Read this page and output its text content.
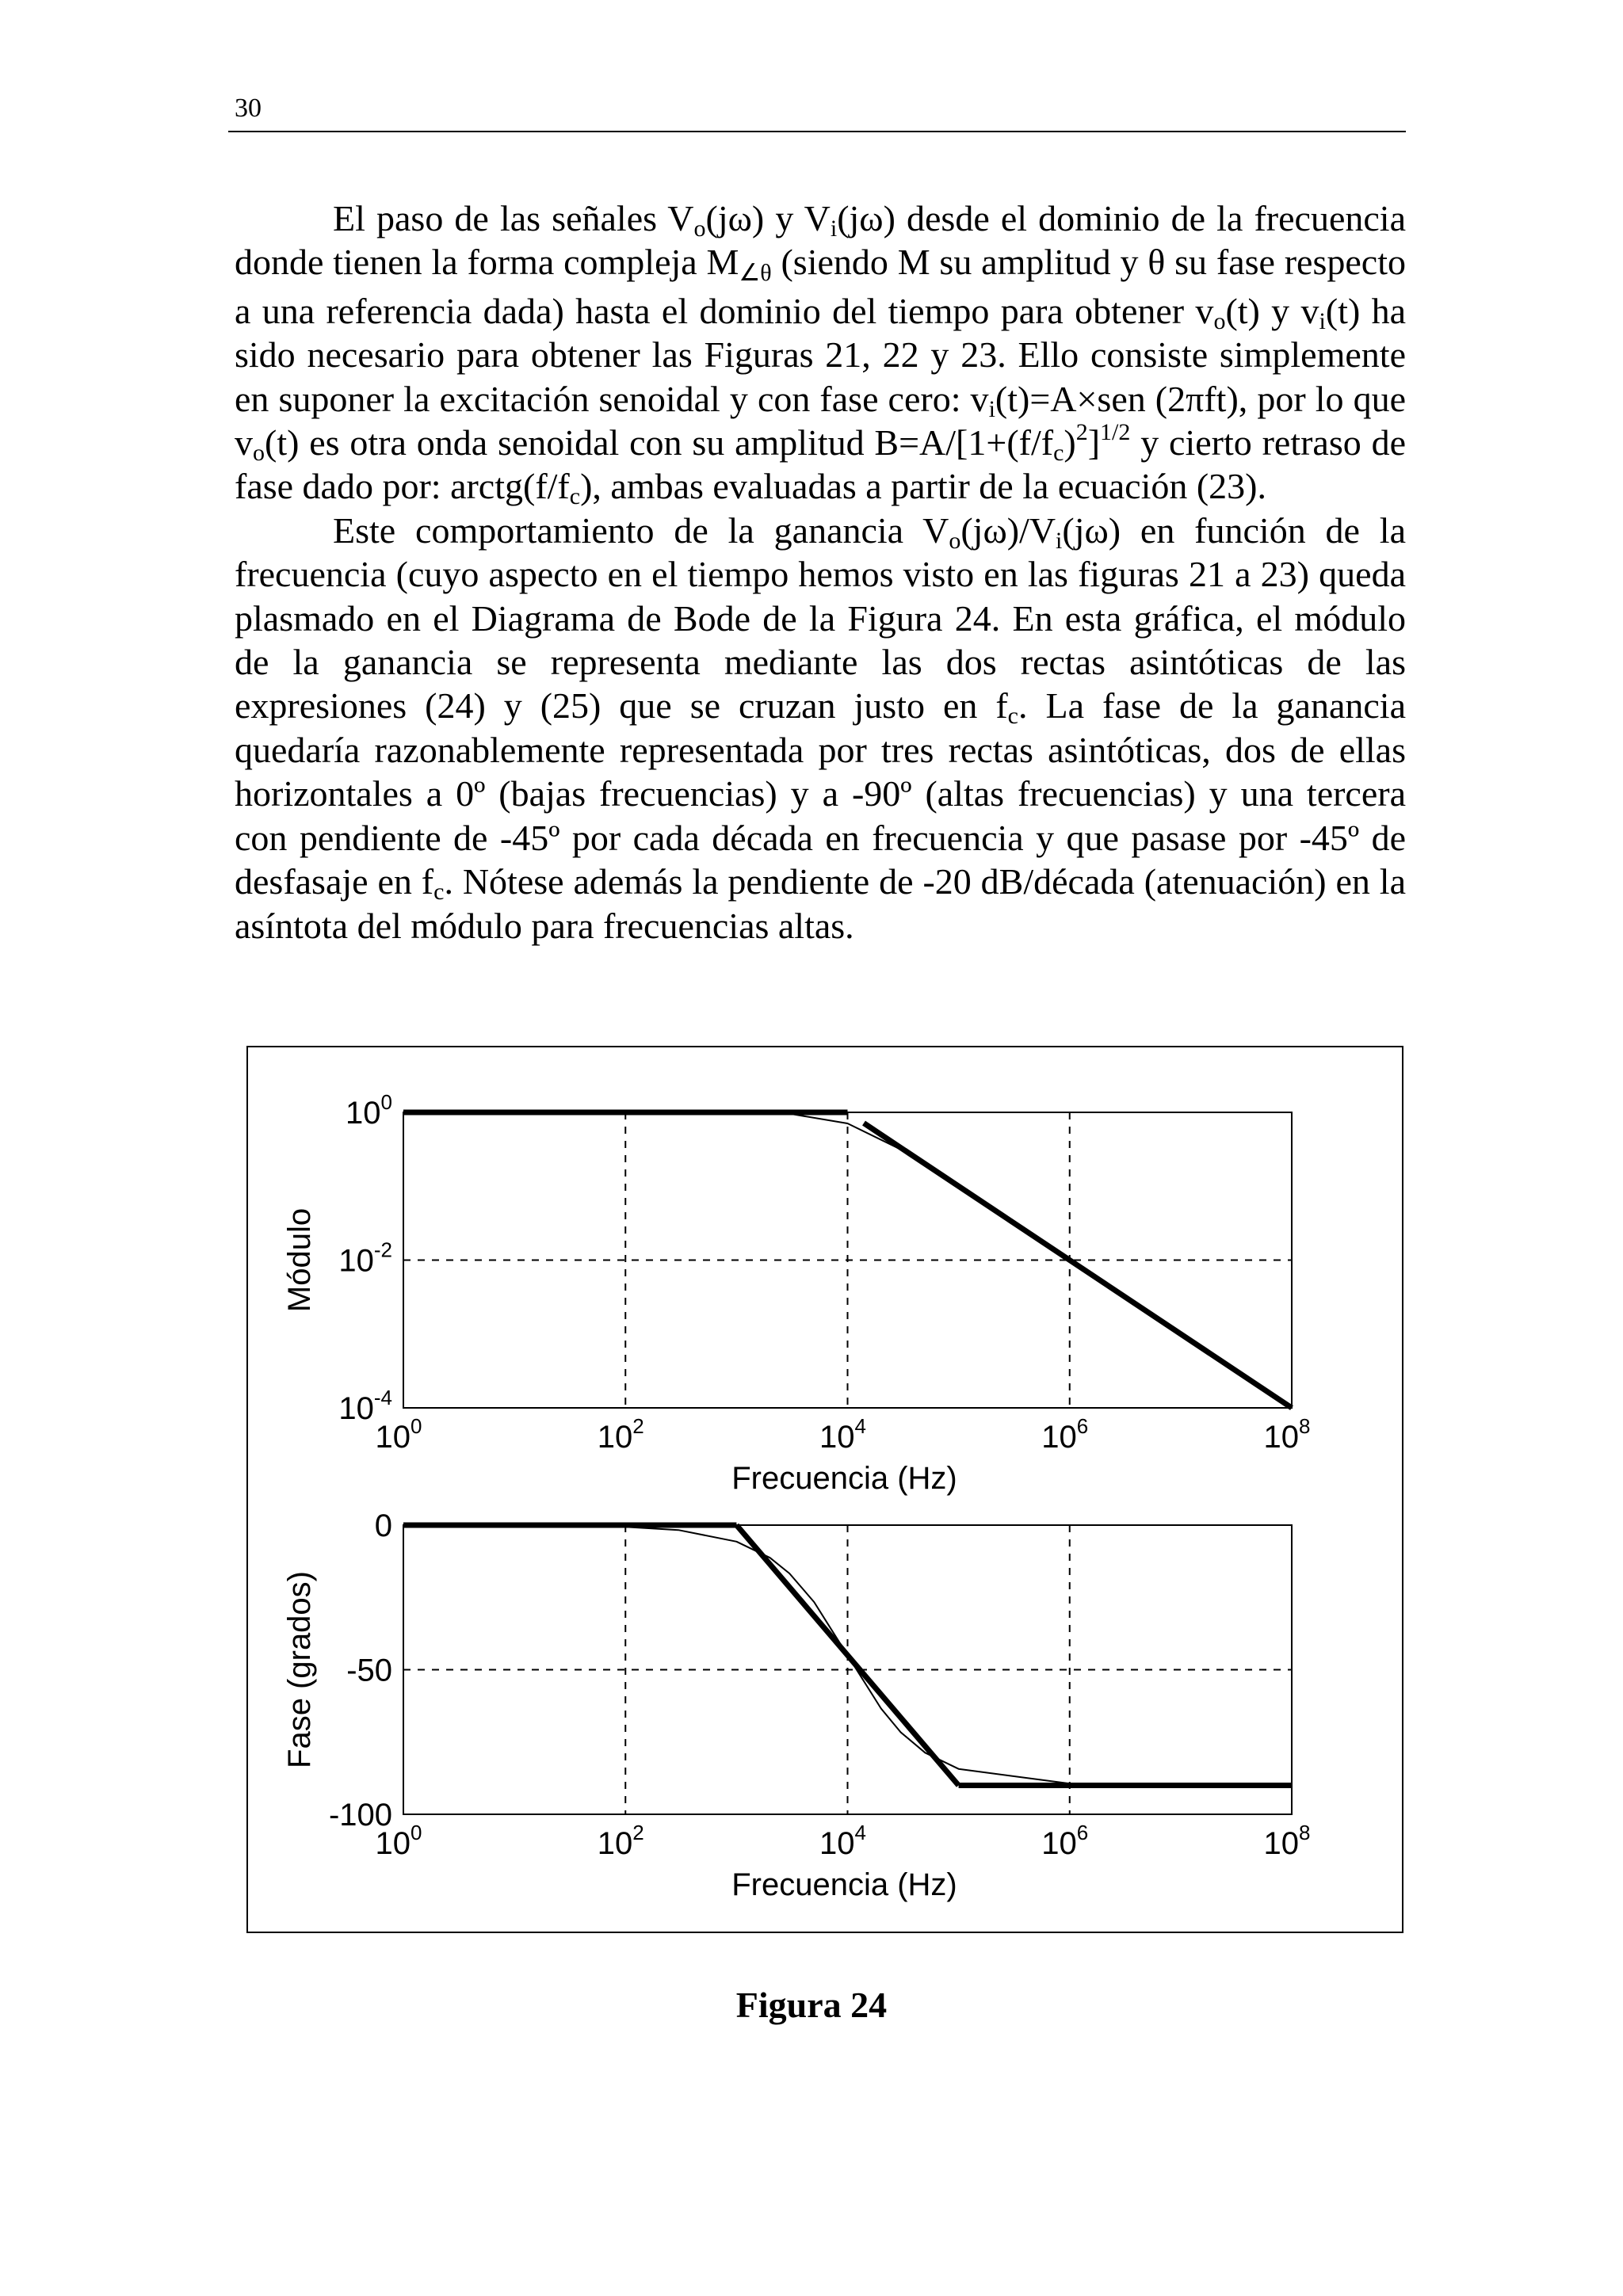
30

El paso de las señales $V_o(j\omega)$ y $V_i(j\omega)$ desde el dominio de la frecuencia donde tienen la forma compleja M∠θ (siendo M su amplitud y θ su fase respecto a una referencia dada) hasta el dominio del tiempo para obtener $v_o(t)$ y $v_i(t)$ ha sido necesario para obtener las Figuras 21, 22 y 23. Ello consiste simplemente en suponer la excitación senoidal y con fase cero: $v_i(t)=A\times sen$ (2πft), por lo que $v_o(t)$ es otra onda senoidal con su amplitud $B=A/[1+(f/f_c)^2]^{1/2}$ y cierto retraso de fase dado por: $arctg(f/f_c)$, ambas evaluadas a partir de la ecuación (23).

Este comportamiento de la ganancia $V_o(j\omega)/V_i(j\omega)$ en función de la frecuencia (cuyo aspecto en el tiempo hemos visto en las figuras 21 a 23) queda plasmado en el Diagrama de Bode de la Figura 24. En esta gráfica, el módulo de la ganancia se representa mediante las dos rectas asintóticas de las expresiones (24) y (25) que se cruzan justo en $f_c$. La fase de la ganancia quedaría razonablemente representada por tres rectas asintóticas, dos de ellas horizontales a 0º (bajas frecuencias) y a -90º (altas frecuencias) y una tercera con pendiente de -45º por cada década en frecuencia y que pasase por -45º de desfasaje en $f_c$. Nótese además la pendiente de -20 dB/década (atenuación) en la asíntota del módulo para frecuencias altas.

$10^0$	$10^2$	$10^4$	$10^6$	$10^8$
$10^0$
$10^{-2}$
$10^{-4}$
Frecuencia (Hz)
Módulo
$10^0$	$10^2$	$10^4$	$10^6$	$10^8$
0
-50
-100
Frecuencia (Hz)
Fase (grados)
Figura 24
